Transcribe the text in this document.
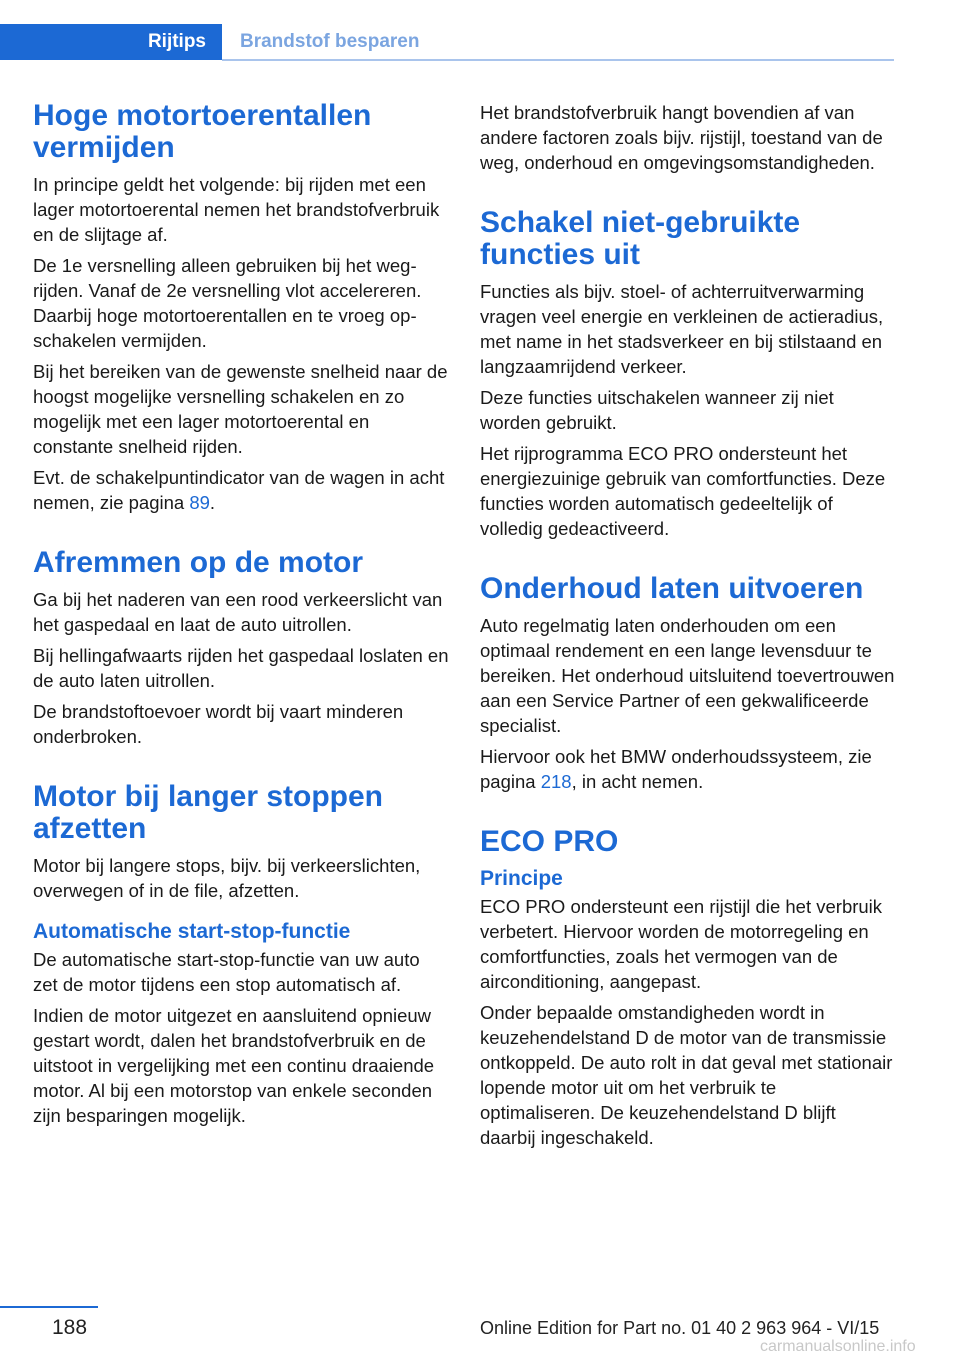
Rijtips	Brandstof besparen
Hoge motortoerentallen vermijden

In principe geldt het volgende: bij rijden met een lager motortoerental nemen het brandstofverbruik en de slijtage af.

De 1e versnelling alleen gebruiken bij het wegrijden. Vanaf de 2e versnelling vlot accelereren. Daarbij hoge motortoerentallen en te vroeg opschakelen vermijden.

Bij het bereiken van de gewenste snelheid naar de hoogst mogelijke versnelling schakelen en zo mogelijk met een lager motortoerental en constante snelheid rijden.

Evt. de schakelpuntindicator van de wagen in acht nemen, zie pagina 89.

Afremmen op de motor

Ga bij het naderen van een rood verkeerslicht van het gaspedaal en laat de auto uitrollen.

Bij hellingafwaarts rijden het gaspedaal loslaten en de auto laten uitrollen.

De brandstoftoevoer wordt bij vaart minderen onderbroken.

Motor bij langer stoppen afzetten

Motor bij langere stops, bijv. bij verkeerslichten, overwegen of in de file, afzetten.

Automatische start-stop-functie

De automatische start-stop-functie van uw auto zet de motor tijdens een stop automatisch af.

Indien de motor uitgezet en aansluitend opnieuw gestart wordt, dalen het brandstofverbruik en de uitstoot in vergelijking met een continu draaiende motor. Al bij een motorstop van enkele seconden zijn besparingen mogelijk.

Het brandstofverbruik hangt bovendien af van andere factoren zoals bijv. rijstijl, toestand van de weg, onderhoud en omgevingsomstandigheden.

Schakel niet-gebruikte functies uit

Functies als bijv. stoel- of achterruitverwarming vragen veel energie en verkleinen de actieradius, met name in het stadsverkeer en bij stilstaand en langzaamrijdend verkeer.

Deze functies uitschakelen wanneer zij niet worden gebruikt.

Het rijprogramma ECO PRO ondersteunt het energiezuinige gebruik van comfortfuncties. Deze functies worden automatisch gedeeltelijk of volledig gedeactiveerd.

Onderhoud laten uitvoeren

Auto regelmatig laten onderhouden om een optimaal rendement en een lange levensduur te bereiken. Het onderhoud uitsluitend toevertrouwen aan een Service Partner of een gekwalificeerde specialist.

Hiervoor ook het BMW onderhoudssysteem, zie pagina 218, in acht nemen.

ECO PRO
Principe

ECO PRO ondersteunt een rijstijl die het verbruik verbetert. Hiervoor worden de motorregeling en comfortfuncties, zoals het vermogen van de airconditioning, aangepast.

Onder bepaalde omstandigheden wordt in keuzehendelstand D de motor van de transmissie ontkoppeld. De auto rolt in dat geval met stationair lopende motor uit om het verbruik te optimaliseren. De keuzehendelstand D blijft daarbij ingeschakeld.

188	Online Edition for Part no. 01 40 2 963 964 - VI/15
carmanualsonline.info
